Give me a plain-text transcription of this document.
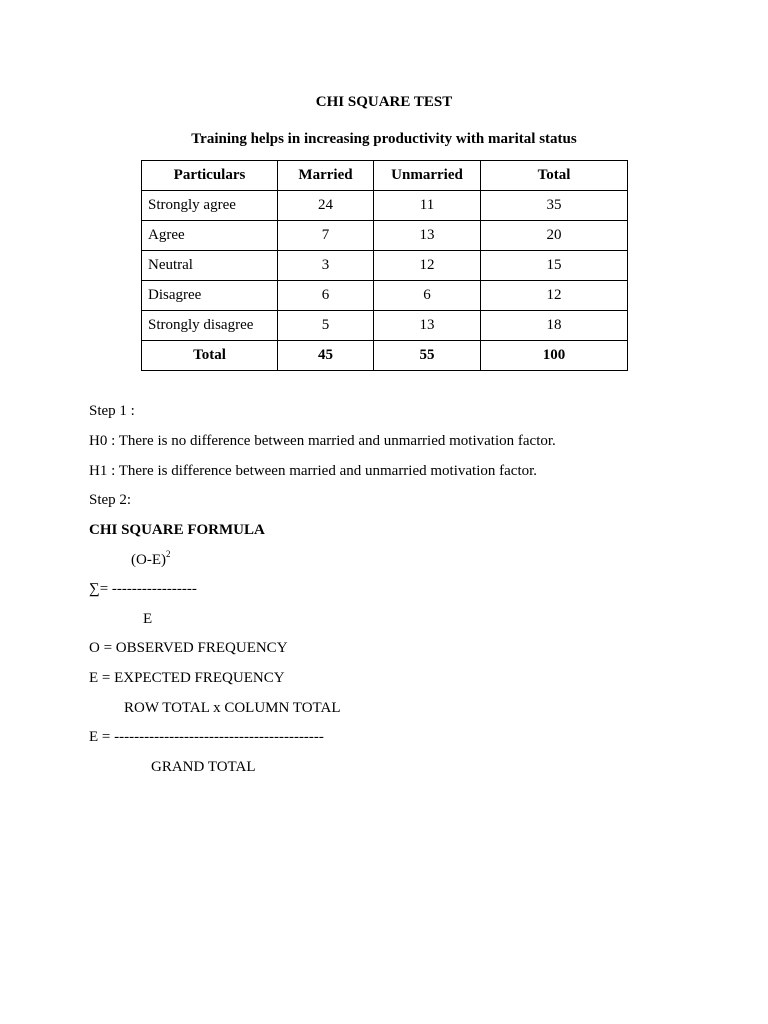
CHI SQUARE TEST
Training helps in increasing productivity with marital status
Particulars	Married	Unmarried	Total
Strongly agree	24	11	35
Agree	7	13	20
Neutral	3	12	15
Disagree	6	6	12
Strongly disagree	5	13	18
Total	45	55	100
Step 1 :
H0 : There is no difference between married and unmarried motivation factor.
H1 : There is difference between married and unmarried motivation factor.
Step 2:
CHI SQUARE FORMULA
$(O-E)^2$
∑= -----------------
E
O = OBSERVED FREQUENCY
E = EXPECTED FREQUENCY
ROW TOTAL x COLUMN TOTAL
E = ------------------------------------------
GRAND TOTAL
